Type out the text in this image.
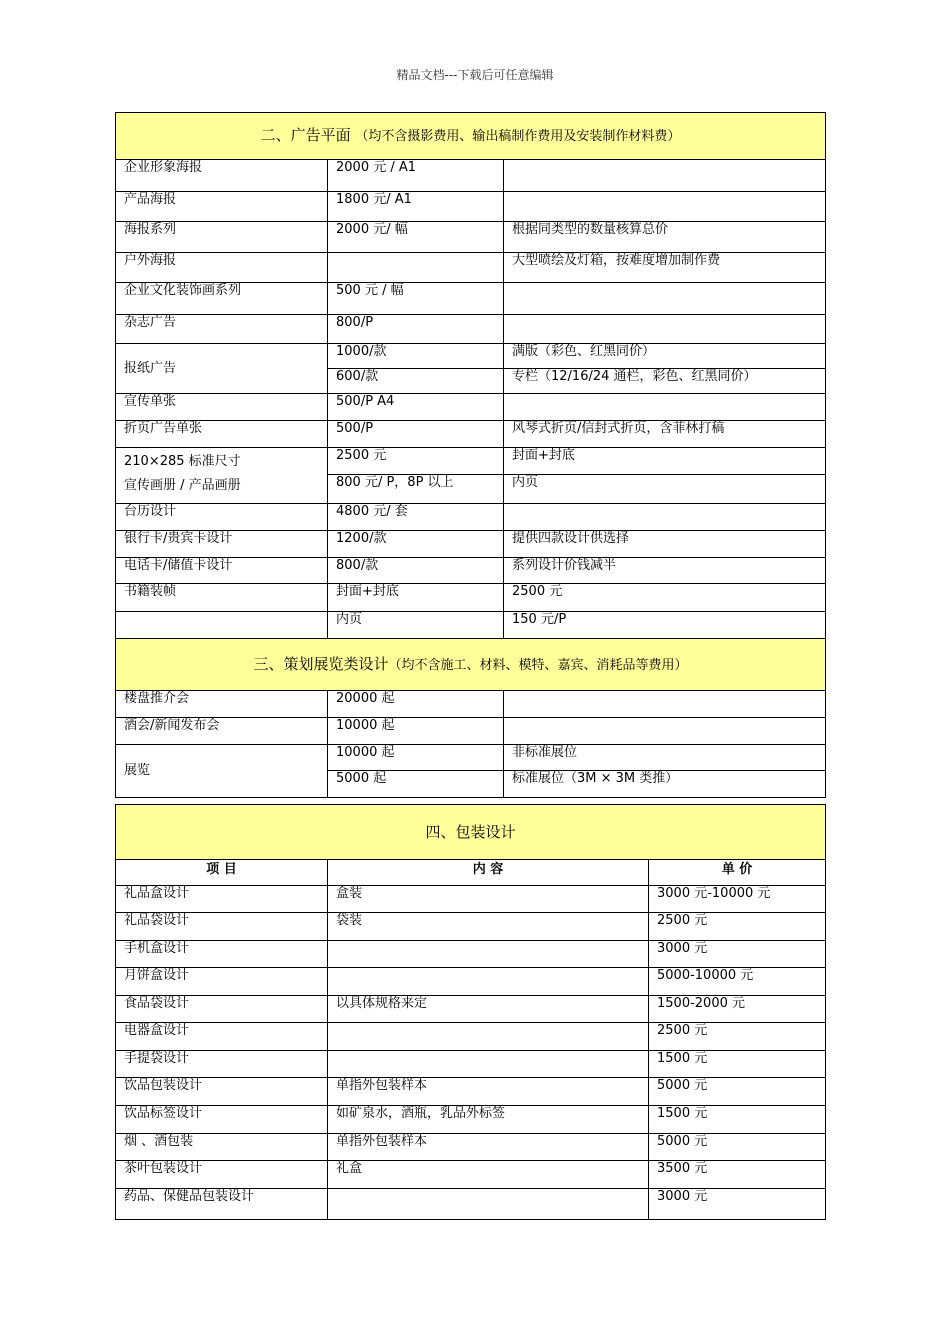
精品文档---下载后可任意编辑
二、广告平面 （均不含摄影费用、输出稿制作费用及安装制作材料费）		
企业形象海报	2000 元 / A1	
产品海报	1800 元/ A1	
海报系列	2000 元/ 幅	根据同类型的数量核算总价
户外海报		大型喷绘及灯箱，按难度增加制作费
企业文化装饰画系列	500 元 / 幅	
杂志广告	800/P	
报纸广告	1000/款	满版（彩色、红黑同价）
	600/款	专栏（12/16/24 通栏，彩色、红黑同价）
宣传单张	500/P A4	
折页广告单张	500/P	风琴式折页/信封式折页，含菲林打稿

210×285 标准尺寸
宣传画册 / 产品画册	2500 元	封面+封底
	800 元/ P，8P 以上	内页
台历设计	4800 元/ 套	
银行卡/贵宾卡设计	1200/款	提供四款设计供选择
电话卡/储值卡设计	800/款	系列设计价钱减半
书籍装帧	封面+封底	2500 元
	内页	150 元/P
三、策划展览类设计（均不含施工、材料、模特、嘉宾、消耗品等费用）		
楼盘推介会	20000 起	
酒会/新闻发布会	10000 起	
展览	10000 起	非标准展位
	5000 起	标准展位（3M × 3M 类推）
四、包装设计		
项 目	内 容	单 价
礼品盒设计	盒装	3000 元-10000 元
礼品袋设计	袋装	2500 元
手机盒设计		3000 元
月饼盒设计		5000-10000 元
食品袋设计	以具体规格来定	1500-2000 元
电器盒设计		2500 元
手提袋设计		1500 元
饮品包装设计	单指外包装样本	5000 元
饮品标签设计	如矿泉水，酒瓶，乳品外标签	1500 元
烟 、酒包装	单指外包装样本	5000 元
茶叶包装设计	礼盒	3500 元
药品、保健品包装设计		3000 元
